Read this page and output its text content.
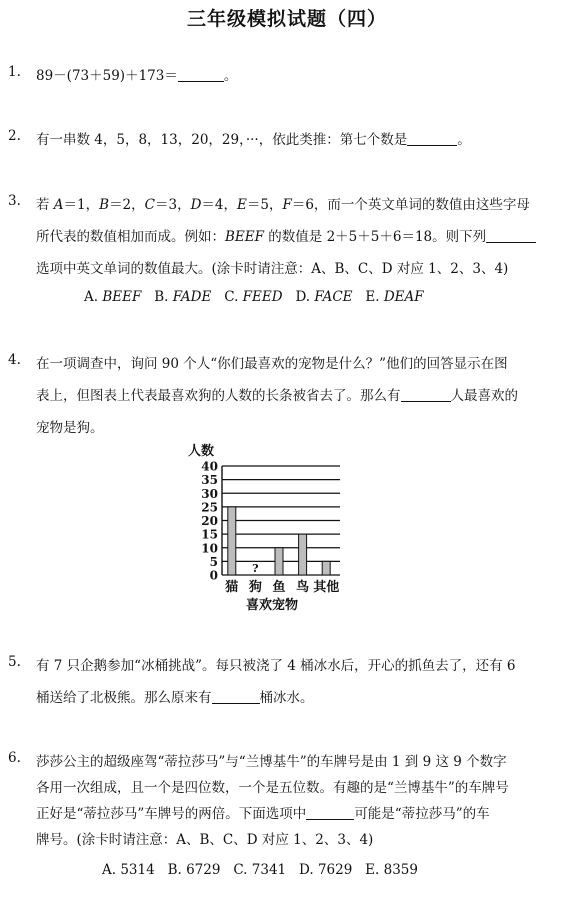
三年级模拟试题（四）
1. 89－(73＋59)＋173＝	。
2. 有一串数 4，5，8，13，20，29，···，依此类推：第七个数是	。
3. 若 A＝1，B＝2，C＝3，D＝4，E＝5，F＝6，而一个英文单词的数值由这些字母
所代表的数值相加而成。例如：BEEF 的数值是 2＋5＋5＋6＝18。则下列
选项中英文单词的数值最大。(涂卡时请注意：A、B、C、D 对应 1、2、3、4)
A. BEEF B. FADE C. FEED D. FACE E. DEAF
4. 在一项调查中，询问 90 个人“你们最喜欢的宠物是什么？”他们的回答显示在图
表上，但图表上代表最喜欢狗的人数的长条被省去了。那么有	人最喜欢的
宠物是狗。
人数
0
5
10
15
20
25
30
35
40
?
猫 狗 鱼 鸟 其他
喜欢宠物
5. 有 7 只企鹅参加“冰桶挑战”。每只被浇了 4 桶冰水后，开心的抓鱼去了，还有 6
桶送给了北极熊。那么原来有	桶冰水。
6. 莎莎公主的超级座驾“蒂拉莎马”与“兰博基牛”的车牌号是由 1 到 9 这 9 个数字
各用一次组成，且一个是四位数，一个是五位数。有趣的是“兰博基牛”的车牌号
正好是“蒂拉莎马”车牌号的两倍。下面选项中	可能是“蒂拉莎马”的车
牌号。(涂卡时请注意：A、B、C、D 对应 1、2、3、4)
A. 5314 B. 6729 C. 7341 D. 7629 E. 8359
